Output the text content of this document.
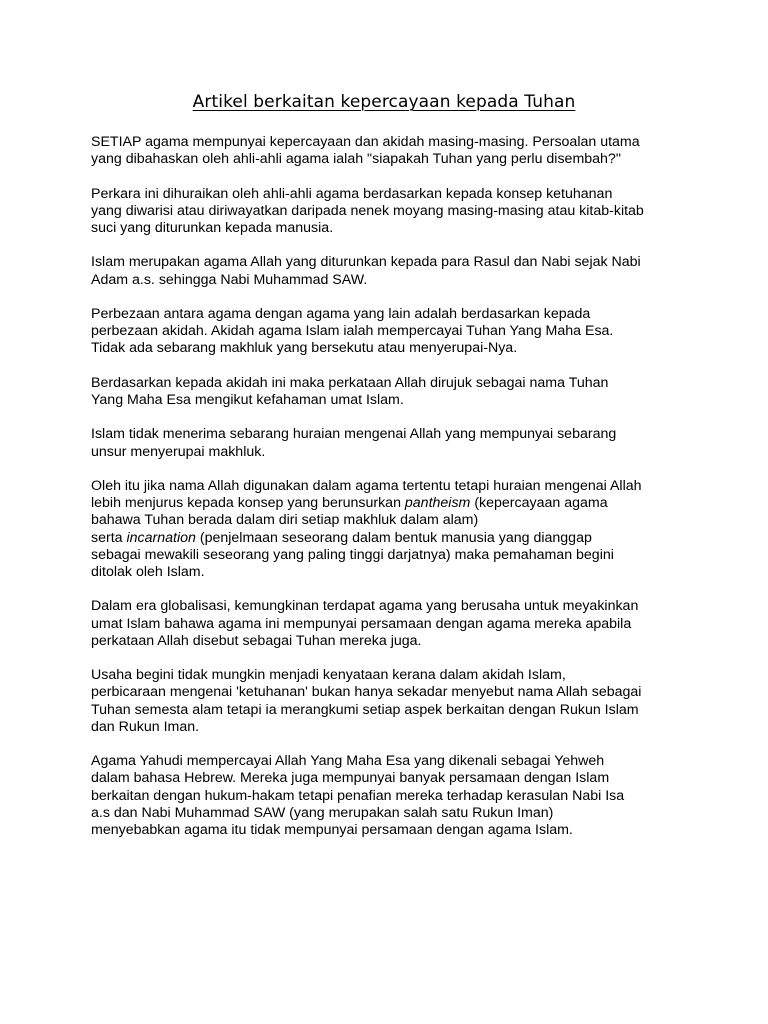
Artikel berkaitan kepercayaan kepada Tuhan

SETIAP agama mempunyai kepercayaan dan akidah masing-masing. Persoalan utama
yang dibahaskan oleh ahli-ahli agama ialah "siapakah Tuhan yang perlu disembah?"

Perkara ini dihuraikan oleh ahli-ahli agama berdasarkan kepada konsep ketuhanan
yang diwarisi atau diriwayatkan daripada nenek moyang masing-masing atau kitab-kitab
suci yang diturunkan kepada manusia.

Islam merupakan agama Allah yang diturunkan kepada para Rasul dan Nabi sejak Nabi
Adam a.s. sehingga Nabi Muhammad SAW.

Perbezaan antara agama dengan agama yang lain adalah berdasarkan kepada
perbezaan akidah. Akidah agama Islam ialah mempercayai Tuhan Yang Maha Esa.
Tidak ada sebarang makhluk yang bersekutu atau menyerupai-Nya.

Berdasarkan kepada akidah ini maka perkataan Allah dirujuk sebagai nama Tuhan
Yang Maha Esa mengikut kefahaman umat Islam.

Islam tidak menerima sebarang huraian mengenai Allah yang mempunyai sebarang
unsur menyerupai makhluk.

Oleh itu jika nama Allah digunakan dalam agama tertentu tetapi huraian mengenai Allah
lebih menjurus kepada konsep yang berunsurkan pantheism (kepercayaan agama
bahawa Tuhan berada dalam diri setiap makhluk dalam alam)
serta incarnation (penjelmaan seseorang dalam bentuk manusia yang dianggap
sebagai mewakili seseorang yang paling tinggi darjatnya) maka pemahaman begini
ditolak oleh Islam.

Dalam era globalisasi, kemungkinan terdapat agama yang berusaha untuk meyakinkan
umat Islam bahawa agama ini mempunyai persamaan dengan agama mereka apabila
perkataan Allah disebut sebagai Tuhan mereka juga.

Usaha begini tidak mungkin menjadi kenyataan kerana dalam akidah Islam,
perbicaraan mengenai 'ketuhanan' bukan hanya sekadar menyebut nama Allah sebagai
Tuhan semesta alam tetapi ia merangkumi setiap aspek berkaitan dengan Rukun Islam
dan Rukun Iman.

Agama Yahudi mempercayai Allah Yang Maha Esa yang dikenali sebagai Yehweh
dalam bahasa Hebrew. Mereka juga mempunyai banyak persamaan dengan Islam
berkaitan dengan hukum-hakam tetapi penafian mereka terhadap kerasulan Nabi Isa
a.s dan Nabi Muhammad SAW (yang merupakan salah satu Rukun Iman)
menyebabkan agama itu tidak mempunyai persamaan dengan agama Islam.
